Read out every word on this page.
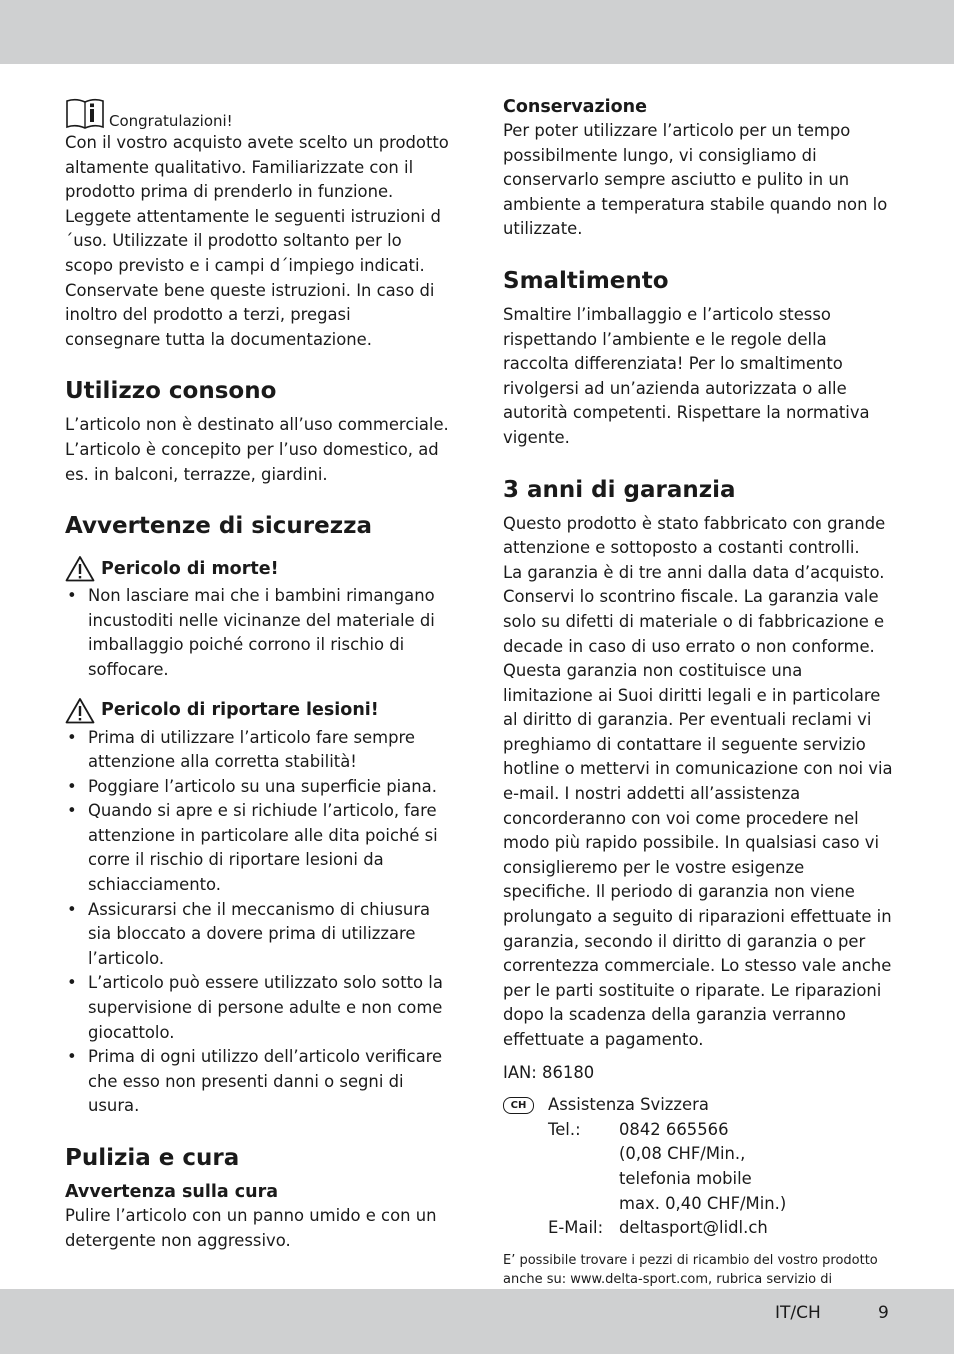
Congratulazioni!

Con il vostro acquisto avete scelto un prodotto altamente qualitativo. Familiarizzate con il prodotto prima di prenderlo in funzione.

Leggete attentamente le seguenti istruzioni d´uso. Utilizzate il prodotto soltanto per lo scopo previsto e i campi d´impiego indicati. Conservate bene queste istruzioni. In caso di inoltro del prodotto a terzi, pregasi consegnare tutta la documentazione.

Utilizzo consono

L’articolo non è destinato all’uso commerciale. L’articolo è concepito per l’uso domestico, ad es. in balconi, terrazze, giardini.

Avvertenze di sicurezza
Pericolo di morte!
• Non lasciare mai che i bambini rimangano incustoditi nelle vicinanze del materiale di imballaggio poiché corrono il rischio di soffocare.
Pericolo di riportare lesioni!
• Prima di utilizzare l’articolo fare sempre attenzione alla corretta stabilità!
• Poggiare l’articolo su una superficie piana.
• Quando si apre e si richiude l’articolo, fare attenzione in particolare alle dita poiché si corre il rischio di riportare lesioni da schiacciamento.
• Assicurarsi che il meccanismo di chiusura sia bloccato a dovere prima di utilizzare l’articolo.
• L’articolo può essere utilizzato solo sotto la supervisione di persone adulte e non come giocattolo.
• Prima di ogni utilizzo dell’articolo verificare che esso non presenti danni o segni di usura.
Pulizia e cura
Avvertenza sulla cura

Pulire l’articolo con un panno umido e con un detergente non aggressivo.

Conservazione

Per poter utilizzare l’articolo per un tempo possibilmente lungo, vi consigliamo di conservarlo sempre asciutto e pulito in un ambiente a temperatura stabile quando non lo utilizzate.

Smaltimento

Smaltire l’imballaggio e l’articolo stesso rispettando l’ambiente e le regole della raccolta differenziata! Per lo smaltimento rivolgersi ad un’azienda autorizzata o alle autorità competenti. Rispettare la normativa vigente.

3 anni di garanzia

Questo prodotto è stato fabbricato con grande attenzione e sottoposto a costanti controlli.

La garanzia è di tre anni dalla data d’acquisto. Conservi lo scontrino fiscale. La garanzia vale solo su difetti di materiale o di fabbricazione e decade in caso di uso errato o non conforme. Questa garanzia non costituisce una limitazione ai Suoi diritti legali e in particolare al diritto di garanzia. Per eventuali reclami vi preghiamo di contattare il seguente servizio hotline o mettervi in comunicazione con noi via e-mail. I nostri addetti all’assistenza concorderanno con voi come procedere nel modo più rapido possibile. In qualsiasi caso vi consiglieremo per le vostre esigenze specifiche. Il periodo di garanzia non viene prolungato a seguito di riparazioni effettuate in garanzia, secondo il diritto di garanzia o per correntezza commerciale. Lo stesso vale anche per le parti sostituite o riparate. Le riparazioni dopo la scadenza della garanzia verranno effettuate a pagamento.

IAN: 86180

CH	Assistenza Svizzera
Tel.:	0842 665566
(0,08 CHF/Min.,
telefonia mobile
max. 0,40 CHF/Min.)
E-Mail: deltasport@lidl.ch

E’ possibile trovare i pezzi di ricambio del vostro prodotto anche su: www.delta-sport.com, rubrica servizio di

IT/CH	9
